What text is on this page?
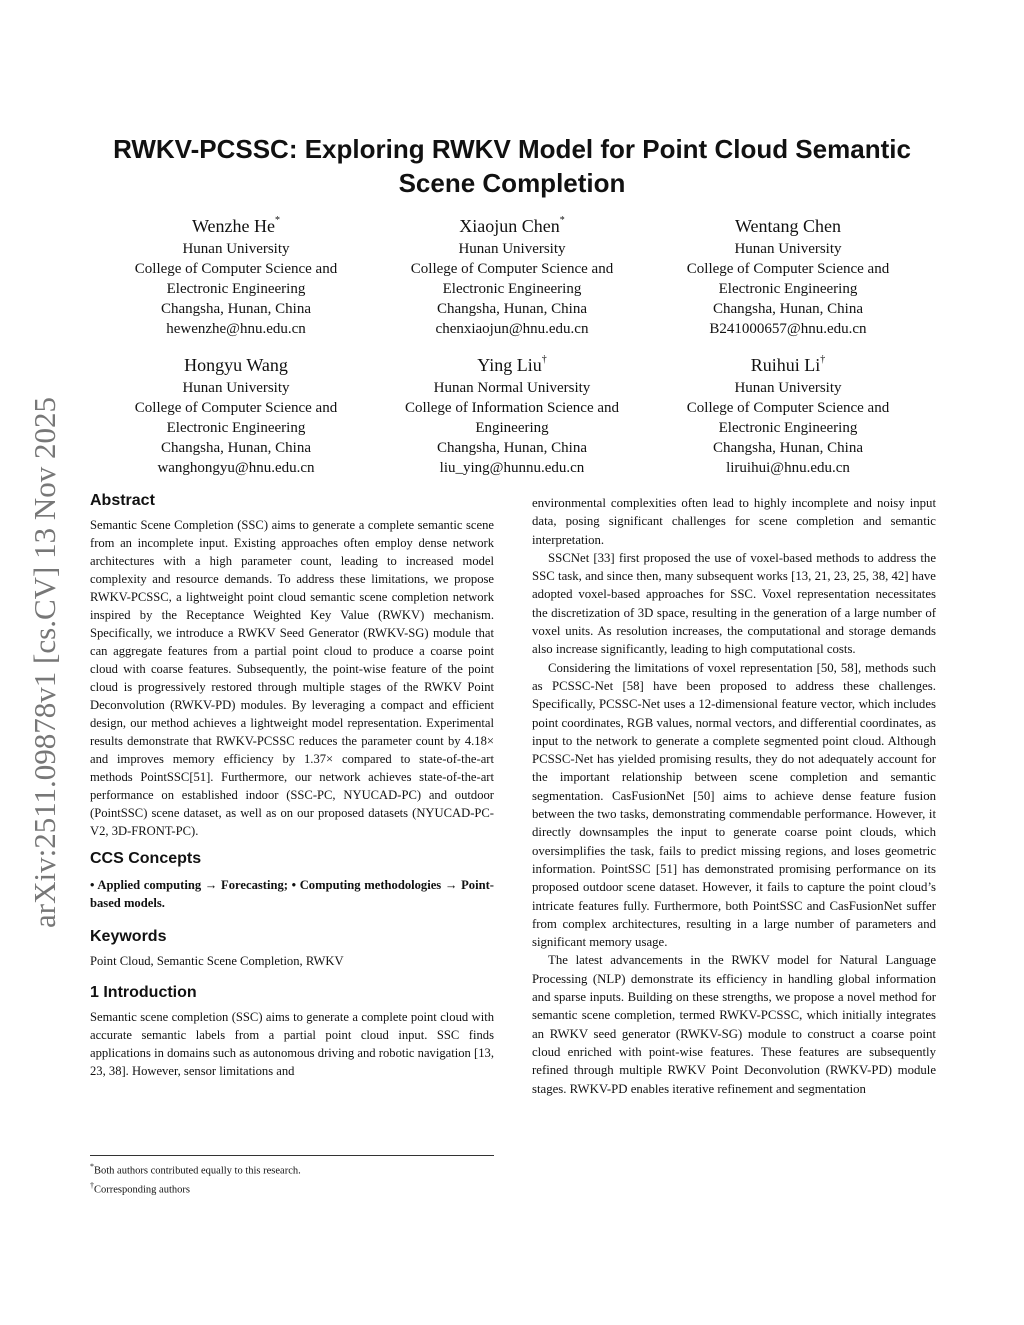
arXiv:2511.09878v1 [cs.CV] 13 Nov 2025
RWKV-PCSSC: Exploring RWKV Model for Point Cloud Semantic Scene Completion
Wenzhe He*
Hunan University
College of Computer Science and
Electronic Engineering
Changsha, Hunan, China
hewenzhe@hnu.edu.cn
Xiaojun Chen*
Hunan University
College of Computer Science and
Electronic Engineering
Changsha, Hunan, China
chenxiaojun@hnu.edu.cn
Wentang Chen
Hunan University
College of Computer Science and
Electronic Engineering
Changsha, Hunan, China
B241000657@hnu.edu.cn
Hongyu Wang
Hunan University
College of Computer Science and
Electronic Engineering
Changsha, Hunan, China
wanghongyu@hnu.edu.cn
Ying Liu†
Hunan Normal University
College of Information Science and
Engineering
Changsha, Hunan, China
liu_ying@hunnu.edu.cn
Ruihui Li†
Hunan University
College of Computer Science and
Electronic Engineering
Changsha, Hunan, China
liruihui@hnu.edu.cn
Abstract

Semantic Scene Completion (SSC) aims to generate a complete semantic scene from an incomplete input. Existing approaches often employ dense network architectures with a high parameter count, leading to increased model complexity and resource demands. To address these limitations, we propose RWKV-PCSSC, a lightweight point cloud semantic scene completion network inspired by the Receptance Weighted Key Value (RWKV) mechanism. Specifically, we introduce a RWKV Seed Generator (RWKV-SG) module that can aggregate features from a partial point cloud to produce a coarse point cloud with coarse features. Subsequently, the point-wise feature of the point cloud is progressively restored through multiple stages of the RWKV Point Deconvolution (RWKV-PD) modules. By leveraging a compact and efficient design, our method achieves a lightweight model representation. Experimental results demonstrate that RWKV-PCSSC reduces the parameter count by 4.18× and improves memory efficiency by 1.37× compared to state-of-the-art methods PointSSC[51]. Furthermore, our network achieves state-of-the-art performance on established indoor (SSC-PC, NYUCAD-PC) and outdoor (PointSSC) scene dataset, as well as on our proposed datasets (NYUCAD-PC-V2, 3D-FRONT-PC).

CCS Concepts

• Applied computing → Forecasting; • Computing methodologies → Point-based models.

Keywords

Point Cloud, Semantic Scene Completion, RWKV

1 Introduction

Semantic scene completion (SSC) aims to generate a complete point cloud with accurate semantic labels from a partial point cloud input. SSC finds applications in domains such as autonomous driving and robotic navigation [13, 23, 38]. However, sensor limitations and

environmental complexities often lead to highly incomplete and noisy input data, posing significant challenges for scene completion and semantic interpretation.

SSCNet [33] first proposed the use of voxel-based methods to address the SSC task, and since then, many subsequent works [13, 21, 23, 25, 38, 42] have adopted voxel-based approaches for SSC. Voxel representation necessitates the discretization of 3D space, resulting in the generation of a large number of voxel units. As resolution increases, the computational and storage demands also increase significantly, leading to high computational costs.

Considering the limitations of voxel representation [50, 58], methods such as PCSSC-Net [58] have been proposed to address these challenges. Specifically, PCSSC-Net uses a 12-dimensional feature vector, which includes point coordinates, RGB values, normal vectors, and differential coordinates, as input to the network to generate a complete segmented point cloud. Although PCSSC-Net has yielded promising results, they do not adequately account for the important relationship between scene completion and semantic segmentation. CasFusionNet [50] aims to achieve dense feature fusion between the two tasks, demonstrating commendable performance. However, it directly downsamples the input to generate coarse point clouds, which oversimplifies the task, fails to predict missing regions, and loses geometric information. PointSSC [51] has demonstrated promising performance on its proposed outdoor scene dataset. However, it fails to capture the point cloud’s intricate features fully. Furthermore, both PointSSC and CasFusionNet suffer from complex architectures, resulting in a large number of parameters and significant memory usage.

The latest advancements in the RWKV model for Natural Language Processing (NLP) demonstrate its efficiency in handling global information and sparse inputs. Building on these strengths, we propose a novel method for semantic scene completion, termed RWKV-PCSSC, which initially integrates an RWKV seed generator (RWKV-SG) module to construct a coarse point cloud enriched with point-wise features. These features are subsequently refined through multiple RWKV Point Deconvolution (RWKV-PD) module stages. RWKV-PD enables iterative refinement and segmentation

*Both authors contributed equally to this research.
†Corresponding authors
